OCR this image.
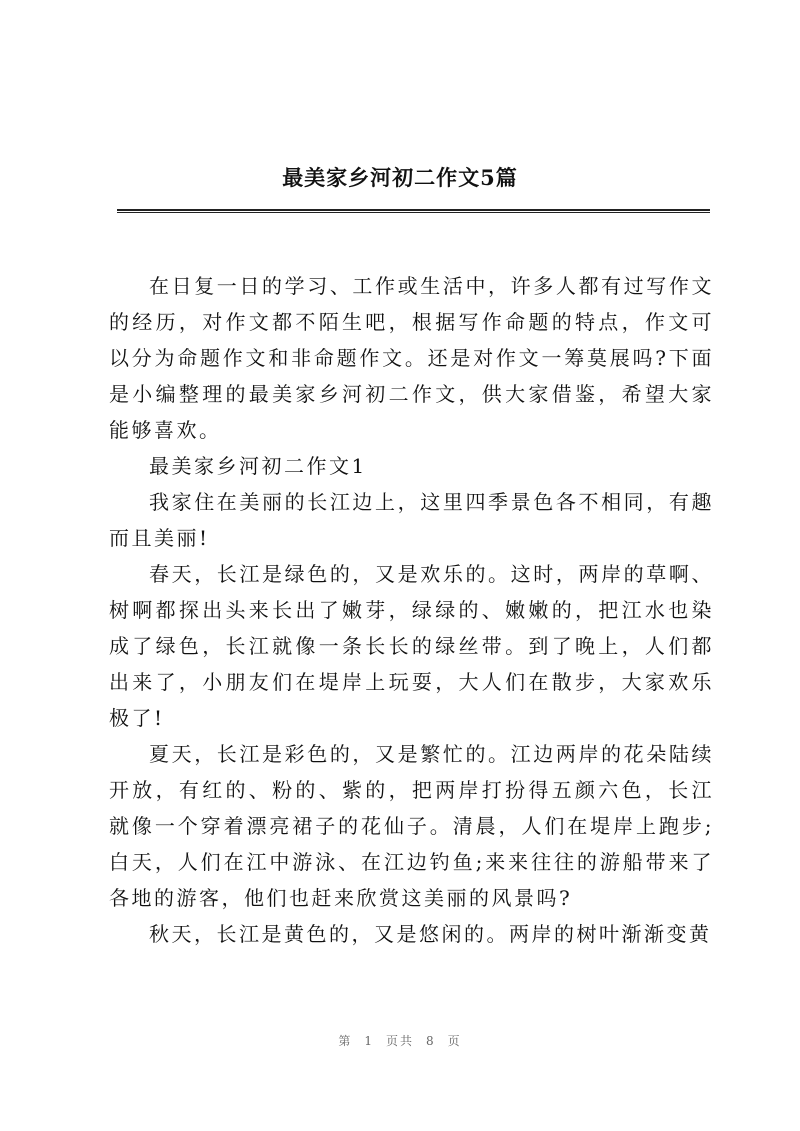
最美家乡河初二作文5篇

在日复一日的学习、工作或生活中，许多人都有过写作文的经历，对作文都不陌生吧，根据写作命题的特点，作文可以分为命题作文和非命题作文。还是对作文一筹莫展吗?下面是小编整理的最美家乡河初二作文，供大家借鉴，希望大家能够喜欢。

最美家乡河初二作文1

我家住在美丽的长江边上，这里四季景色各不相同，有趣而且美丽!

春天，长江是绿色的，又是欢乐的。这时，两岸的草啊、树啊都探出头来长出了嫩芽，绿绿的、嫩嫩的，把江水也染成了绿色，长江就像一条长长的绿丝带。到了晚上，人们都出来了，小朋友们在堤岸上玩耍，大人们在散步，大家欢乐极了!

夏天，长江是彩色的，又是繁忙的。江边两岸的花朵陆续开放，有红的、粉的、紫的，把两岸打扮得五颜六色，长江就像一个穿着漂亮裙子的花仙子。清晨，人们在堤岸上跑步;白天，人们在江中游泳、在江边钓鱼;来来往往的游船带来了各地的游客，他们也赶来欣赏这美丽的风景吗?

秋天，长江是黄色的，又是悠闲的。两岸的树叶渐渐变黄

第 1 页共 8 页
